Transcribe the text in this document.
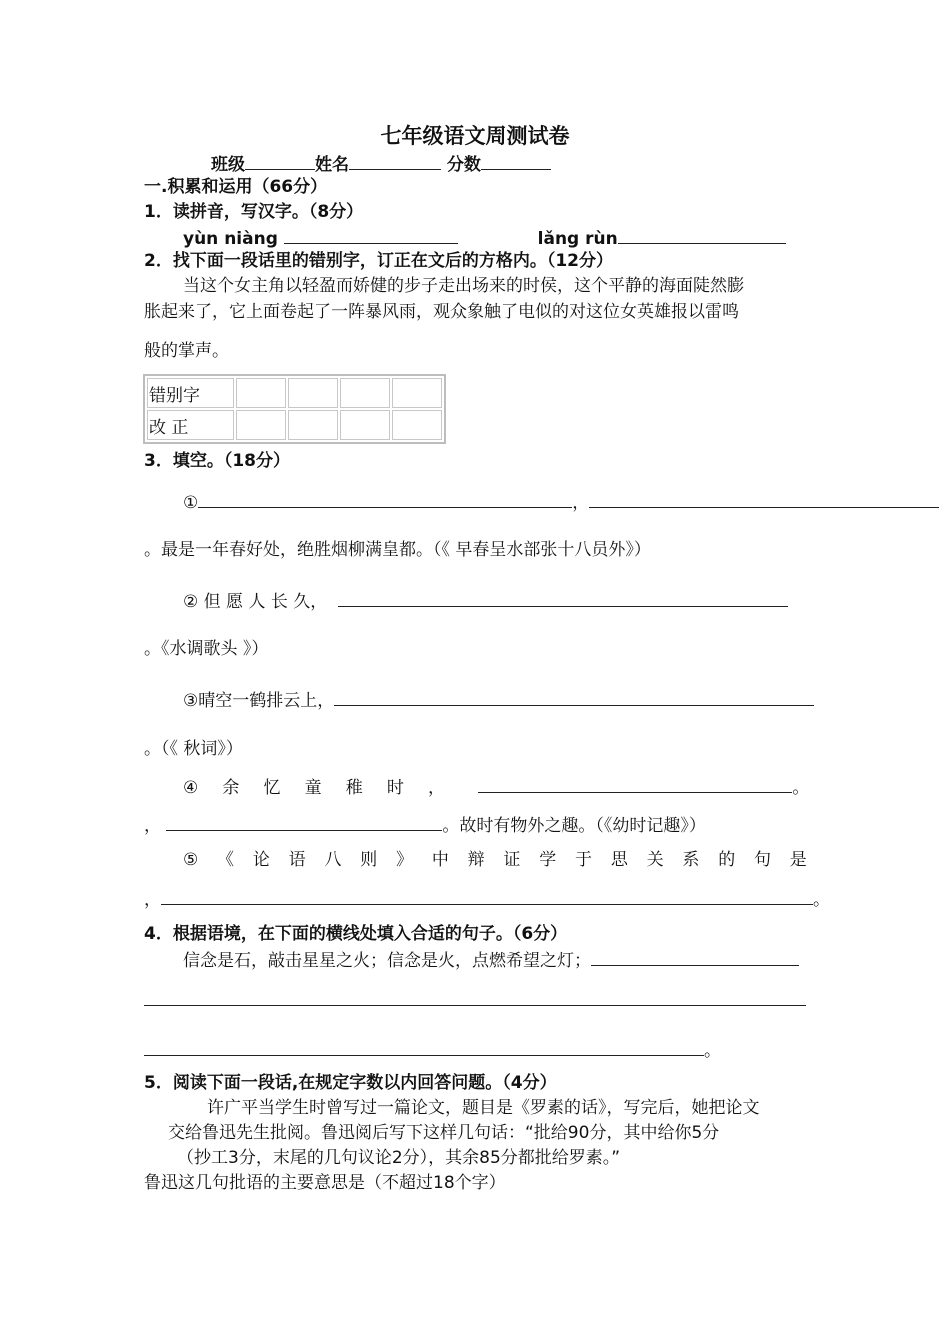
七年级语文周测试卷
班级	姓名	分数
一.积累和运用（66分）
1．读拼音，写汉字。（8分）
yùn niàng	lǎng rùn
2．找下面一段话里的错别字，订正在文后的方格内。（12分）
当这个女主角以轻盈而娇健的步子走出场来的时侯，这个平静的海面陡然膨
胀起来了，它上面卷起了一阵暴风雨，观众象触了电似的对这位女英雄报以雷鸣
般的掌声。
错别字				
改 正				
3．填空。（18分）
①	，
。最是一年春好处，绝胜烟柳满皇都。（《 早春呈水部张十八员外》）
② 但 愿 人 长 久，
。《水调歌头 》）
③晴空一鹤排云上，
。（《 秋词》）
④ 余 忆 童 稚 时 ，	。
，	。故时有物外之趣。（《幼时记趣》）
⑤ 《 论 语 八 则 》 中 辩 证 学 于 思 关 系 的 句 是
，	。
4．根据语境，在下面的横线处填入合适的句子。（6分）
信念是石，敲击星星之火；信念是火，点燃希望之灯；
。
5．阅读下面一段话,在规定字数以内回答问题。（4分）
许广平当学生时曾写过一篇论文，题目是《罗素的话》，写完后，她把论文
交给鲁迅先生批阅。鲁迅阅后写下这样几句话：“批给90分，其中给你5分
（抄工3分，末尾的几句议论2分），其余85分都批给罗素。”
鲁迅这几句批语的主要意思是（不超过18个字）
